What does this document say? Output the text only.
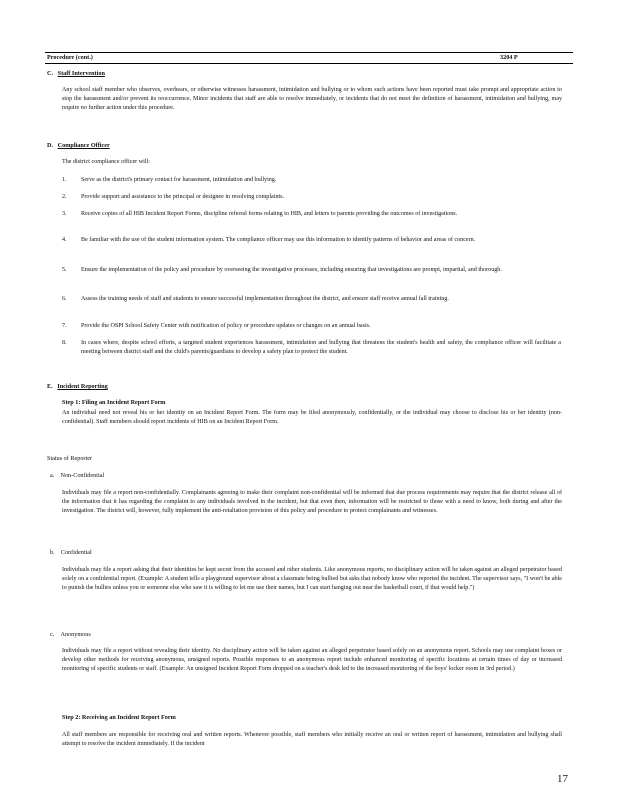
Procedure (cont.)	3204 P
C. Staff Intervention
Any school staff member who observes, overhears, or otherwise witnesses harassment, intimidation and bullying or to whom such actions have been reported must take prompt and appropriate action to stop the harassment and/or prevent its reoccurrence. Minor incidents that staff are able to resolve immediately, or incidents that do not meet the definition of harassment, intimidation and bullying, may require no further action under this procedure.
D. Compliance Officer
The district compliance officer will:
1. Serve as the district's primary contact for harassment, intimidation and bullying.
2. Provide support and assistance to the principal or designee in resolving complaints.
3. Receive copies of all HIB Incident Report Forms, discipline referral forms relating to HIB, and letters to parents providing the outcomes of investigations.
4. Be familiar with the use of the student information system. The compliance officer may use this information to identify patterns of behavior and areas of concern.
5. Ensure the implementation of the policy and procedure by overseeing the investigative processes, including ensuring that investigations are prompt, impartial, and thorough.
6. Assess the training needs of staff and students to ensure successful implementation throughout the district, and ensure staff receive annual fall training.
7. Provide the OSPI School Safety Center with notification of policy or procedure updates or changes on an annual basis.
8. In cases where, despite school efforts, a targeted student experiences harassment, intimidation and bullying that threatens the student's health and safety, the compliance officer will facilitate a meeting between district staff and the child's parents/guardians to develop a safety plan to protect the student.
E. Incident Reporting
Step 1: Filing an Incident Report Form
An individual need not reveal his or her identity on an Incident Report Form. The form may be filed anonymously, confidentially, or the individual may choose to disclose his or her identity (non-confidential). Staff members should report incidents of HIB on an Incident Report Form.
Status of Reporter
a. Non-Confidential
Individuals may file a report non-confidentially. Complainants agreeing to make their complaint non-confidential will be informed that due process requirements may require that the district release all of the information that it has regarding the complaint to any individuals involved in the incident, but that even then, information will be restricted to those with a need to know, both during and after the investigation. The district will, however, fully implement the anti-retaliation provision of this policy and procedure to protect complainants and witnesses.
b. Confidential
Individuals may file a report asking that their identities be kept secret from the accused and other students. Like anonymous reports, no disciplinary action will be taken against an alleged perpetrator based solely on a confidential report. (Example: A student tells a playground supervisor about a classmate being bullied but asks that nobody know who reported the incident. The supervisor says, "I won't be able to punish the bullies unless you or someone else who saw it is willing to let me use their names, but I can start hanging out near the basketball court, if that would help.")
c. Anonymous
Individuals may file a report without revealing their identity. No disciplinary action will be taken against an alleged perpetrator based solely on an anonymous report. Schools may use complaint boxes or develop other methods for receiving anonymous, unsigned reports. Possible responses to an anonymous report include enhanced monitoring of specific locations at certain times of day or increased monitoring of specific students or staff. (Example: An unsigned Incident Report Form dropped on a teacher's desk led to the increased monitoring of the boys' locker room in 3rd period.)
Step 2: Receiving an Incident Report Form
All staff members are responsible for receiving oral and written reports. Whenever possible, staff members who initially receive an oral or written report of harassment, intimidation and bullying shall attempt to resolve the incident immediately. If the incident
17
